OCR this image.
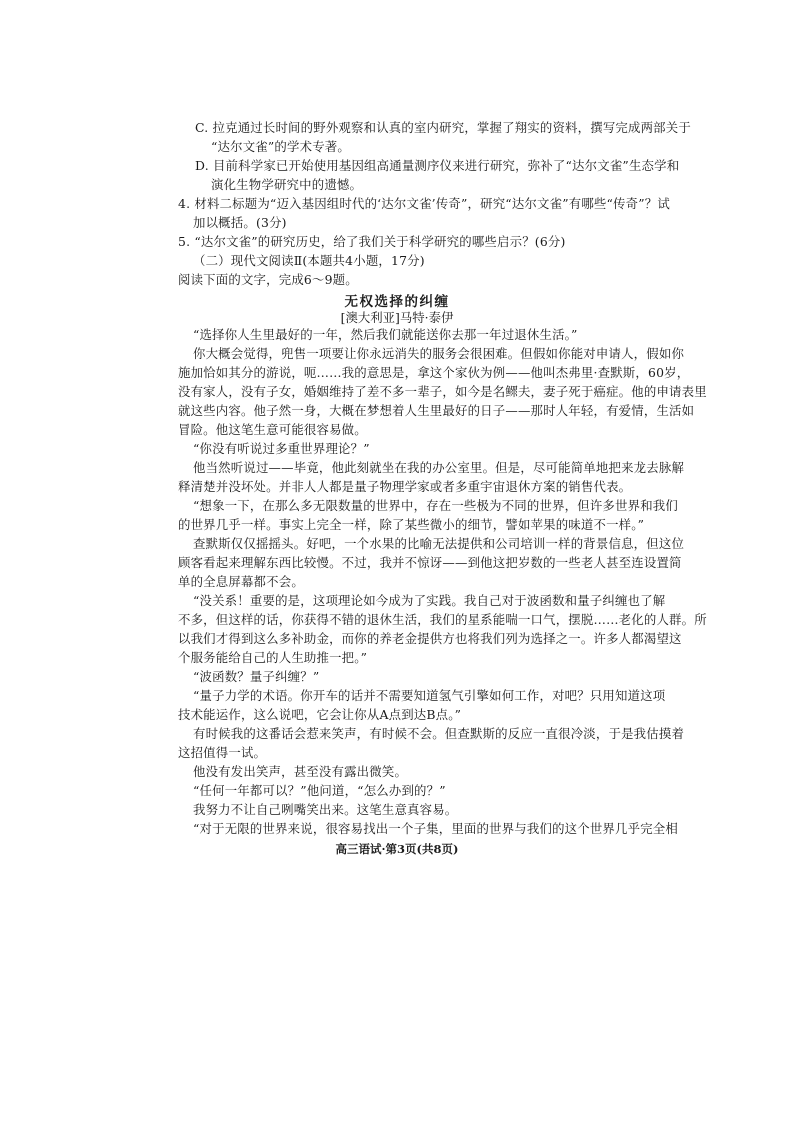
C. 拉克通过长时间的野外观察和认真的室内研究，掌握了翔实的资料，撰写完成两部关于
“达尔文雀”的学术专著。
D. 目前科学家已开始使用基因组高通量测序仪来进行研究，弥补了“达尔文雀”生态学和
演化生物学研究中的遗憾。
4. 材料二标题为“迈入基因组时代的‘达尔文雀’传奇”，研究“达尔文雀”有哪些“传奇”？试
加以概括。(3分)
5. “达尔文雀”的研究历史，给了我们关于科学研究的哪些启示？(6分)
（二）现代文阅读Ⅱ(本题共4小题，17分)
阅读下面的文字，完成6～9题。
无权选择的纠缠
[澳大利亚]马特·泰伊
“选择你人生里最好的一年，然后我们就能送你去那一年过退休生活。”
你大概会觉得，兜售一项要让你永远消失的服务会很困难。但假如你能对申请人，假如你
施加恰如其分的游说，呃……我的意思是，拿这个家伙为例——他叫杰弗里·查默斯，60岁，
没有家人，没有子女，婚姻维持了差不多一辈子，如今是名鳏夫，妻子死于癌症。他的申请表里
就这些内容。他子然一身，大概在梦想着人生里最好的日子——那时人年轻，有爱情，生活如
冒险。他这笔生意可能很容易做。
“你没有听说过多重世界理论？”
他当然听说过——毕竟，他此刻就坐在我的办公室里。但是，尽可能简单地把来龙去脉解
释清楚并没坏处。并非人人都是量子物理学家或者多重宇宙退休方案的销售代表。
“想象一下，在那么多无限数量的世界中，存在一些极为不同的世界，但许多世界和我们
的世界几乎一样。事实上完全一样，除了某些微小的细节，譬如苹果的味道不一样。”
查默斯仅仅摇摇头。好吧，一个水果的比喻无法提供和公司培训一样的背景信息，但这位
顾客看起来理解东西比较慢。不过，我并不惊讶——到他这把岁数的一些老人甚至连设置简
单的全息屏幕都不会。
“没关系！重要的是，这项理论如今成为了实践。我自己对于波函数和量子纠缠也了解
不多，但这样的话，你获得不错的退休生活，我们的星系能喘一口气，摆脱……老化的人群。所
以我们才得到这么多补助金，而你的养老金提供方也将我们列为选择之一。许多人都渴望这
个服务能给自己的人生助推一把。”
“波函数？量子纠缠？”
“量子力学的术语。你开车的话并不需要知道氢气引擎如何工作，对吧？只用知道这项
技术能运作，这么说吧，它会让你从A点到达B点。”
有时候我的这番话会惹来笑声，有时候不会。但查默斯的反应一直很冷淡，于是我估摸着
这招值得一试。
他没有发出笑声，甚至没有露出微笑。
“任何一年都可以？”他问道，“怎么办到的？”
我努力不让自己咧嘴笑出来。这笔生意真容易。
“对于无限的世界来说，很容易找出一个子集，里面的世界与我们的这个世界几乎完全相
高三语试·第3页(共8页)
